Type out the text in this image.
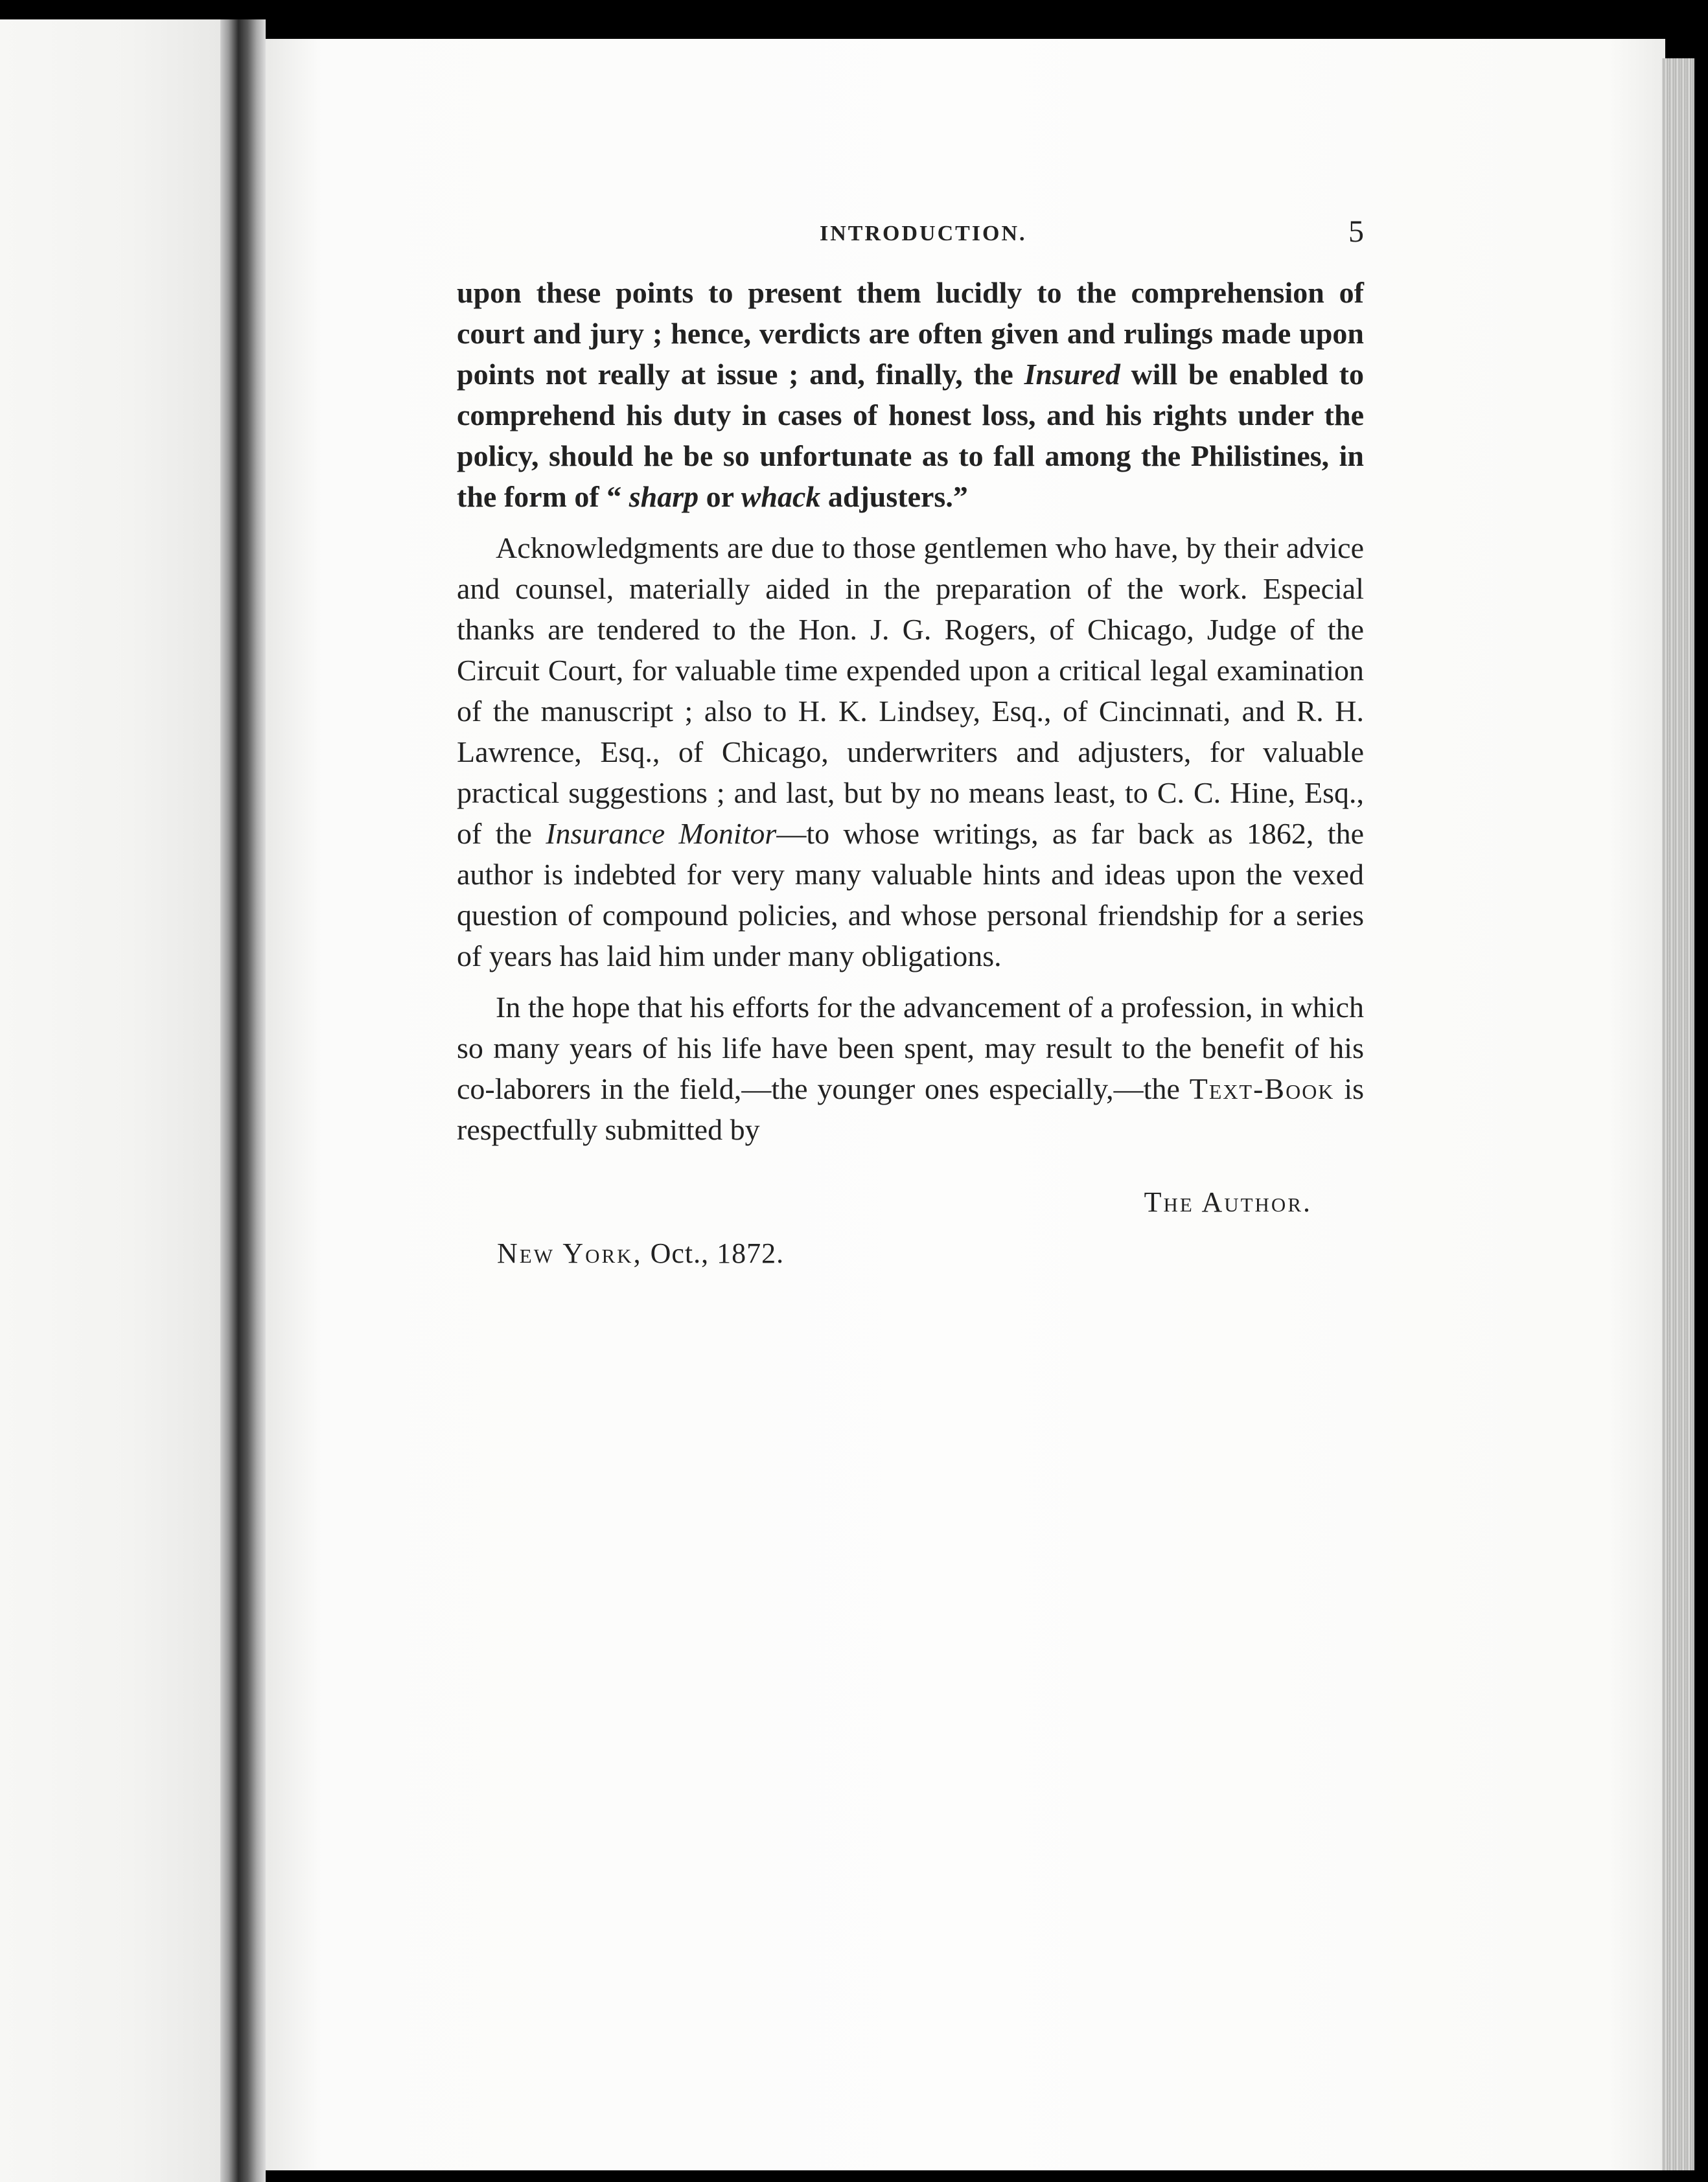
INTRODUCTION.	5

upon these points to present them lucidly to the comprehension of court and jury ; hence, verdicts are often given and rulings made upon points not really at issue ; and, finally, the Insured will be enabled to comprehend his duty in cases of honest loss, and his rights under the policy, should he be so unfortunate as to fall among the Philistines, in the form of “ sharp or whack adjusters.”

Acknowledgments are due to those gentlemen who have, by their advice and counsel, materially aided in the preparation of the work. Especial thanks are tendered to the Hon. J. G. Rogers, of Chicago, Judge of the Circuit Court, for valuable time expended upon a critical legal examination of the manuscript ; also to H. K. Lindsey, Esq., of Cincinnati, and R. H. Lawrence, Esq., of Chicago, underwriters and adjusters, for valuable practical suggestions ; and last, but by no means least, to C. C. Hine, Esq., of the Insurance Monitor—to whose writings, as far back as 1862, the author is indebted for very many valuable hints and ideas upon the vexed question of compound policies, and whose personal friendship for a series of years has laid him under many obligations.

In the hope that his efforts for the advancement of a profession, in which so many years of his life have been spent, may result to the benefit of his co-laborers in the field,—the younger ones especially,—the Text-Book is respectfully submitted by

The Author.
New York, Oct., 1872.
